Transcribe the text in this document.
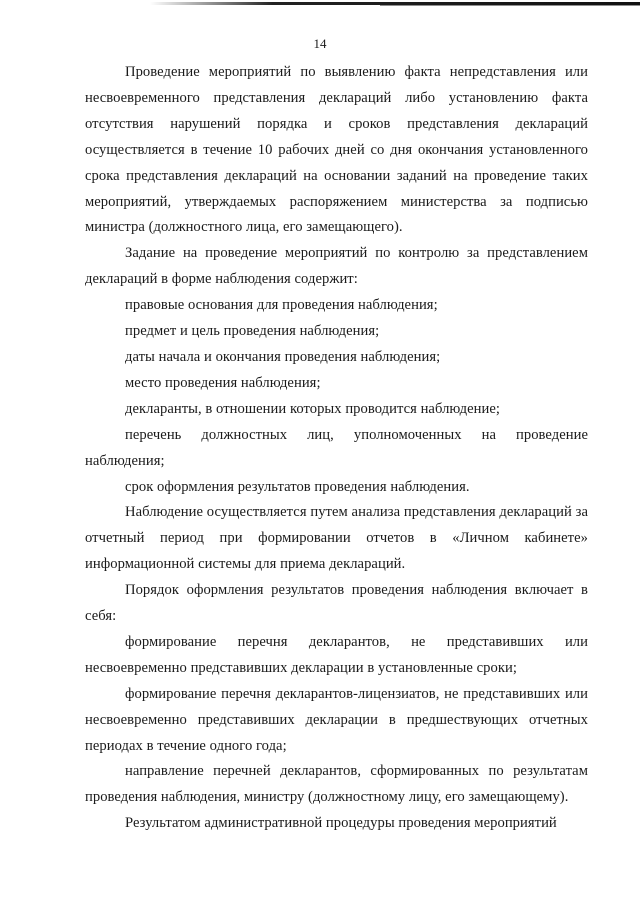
14

Проведение мероприятий по выявлению факта непредставления или несвоевременного представления деклараций либо установлению факта отсутствия нарушений порядка и сроков представления деклараций осуществляется в течение 10 рабочих дней со дня окончания установленного срока представления деклараций на основании заданий на проведение таких мероприятий, утверждаемых распоряжением министерства за подписью министра (должностного лица, его замещающего).

Задание на проведение мероприятий по контролю за представлением деклараций в форме наблюдения содержит:

правовые основания для проведения наблюдения;

предмет и цель проведения наблюдения;

даты начала и окончания проведения наблюдения;

место проведения наблюдения;

декларанты, в отношении которых проводится наблюдение;

перечень должностных лиц, уполномоченных на проведение наблюдения;

срок оформления результатов проведения наблюдения.

Наблюдение осуществляется путем анализа представления деклараций за отчетный период при формировании отчетов в «Личном кабинете» информационной системы для приема деклараций.

Порядок оформления результатов проведения наблюдения включает в себя:

формирование перечня декларантов, не представивших или несвоевременно представивших декларации в установленные сроки;

формирование перечня декларантов-лицензиатов, не представивших или несвоевременно представивших декларации в предшествующих отчетных периодах в течение одного года;

направление перечней декларантов, сформированных по результатам проведения наблюдения, министру (должностному лицу, его замещающему).

Результатом административной процедуры проведения мероприятий
